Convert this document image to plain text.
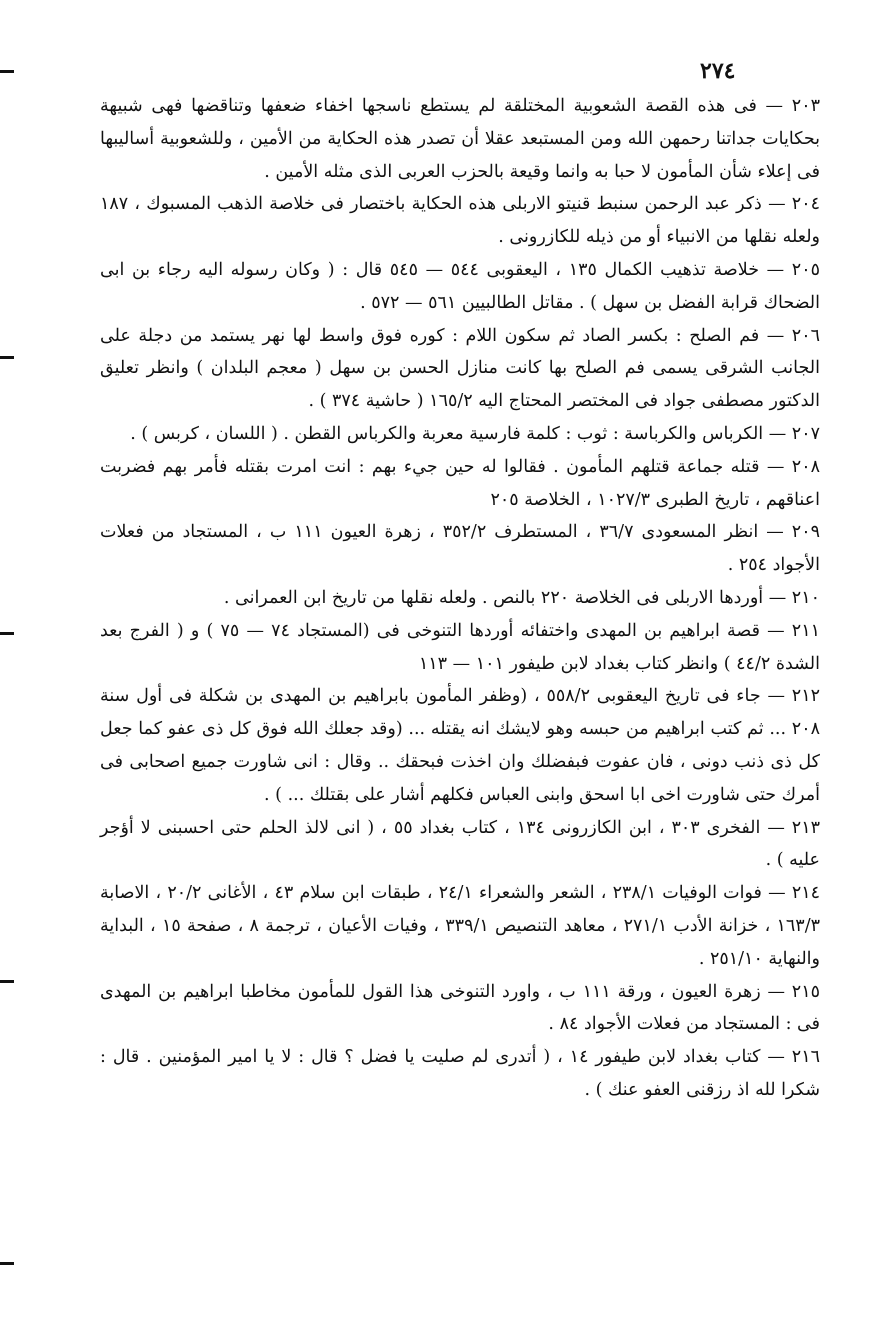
٢٧٤

٢٠٣ — فى هذه القصة الشعوبية المختلقة لم يستطع ناسجها اخفاء ضعفها وتناقضها فهى شبيهة بحكايات جداتنا رحمهن الله ومن المستبعد عقلا أن تصدر هذه الحكاية من الأمين ، وللشعوبية أساليبها فى إعلاء شأن المأمون لا حبا به وانما وقيعة بالحزب العربى الذى مثله الأمين .

٢٠٤ — ذكر عبد الرحمن سنبط قنيتو الاربلى هذه الحكاية باختصار فى خلاصة الذهب المسبوك ، ١٨٧ ولعله نقلها من الانبياء أو من ذيله للكازرونى .

٢٠٥ — خلاصة تذهيب الكمال ١٣٥ ، اليعقوبى ٥٤٤ — ٥٤٥ قال : ( وكان رسوله اليه رجاء بن ابى الضحاك قرابة الفضل بن سهل ) . مقاتل الطالبيين ٥٦١ — ٥٧٢ .

٢٠٦ — فم الصلح : بكسر الصاد ثم سكون اللام : كوره فوق واسط لها نهر يستمد من دجلة على الجانب الشرقى يسمى فم الصلح بها كانت منازل الحسن بن سهل ( معجم البلدان ) وانظر تعليق الدكتور مصطفى جواد فى المختصر المحتاج اليه ١٦٥/٢ ( حاشية ٣٧٤ ) .

٢٠٧ — الكرباس والكرباسة : ثوب : كلمة فارسية معربة والكرباس القطن . ( اللسان ، كربس ) .

٢٠٨ — قتله جماعة قتلهم المأمون . فقالوا له حين جيء بهم : انت امرت بقتله فأمر بهم فضربت اعناقهم ، تاريخ الطبرى ١٠٢٧/٣ ، الخلاصة ٢٠٥

٢٠٩ — انظر المسعودى ٣٦/٧ ، المستطرف ٣٥٢/٢ ، زهرة العيون ١١١ ب ، المستجاد من فعلات الأجواد ٢٥٤ .

٢١٠ — أوردها الاربلى فى الخلاصة ٢٢٠ بالنص . ولعله نقلها من تاريخ ابن العمرانى .

٢١١ — قصة ابراهيم بن المهدى واختفائه أوردها التنوخى فى (المستجاد ٧٤ — ٧٥ ) و ( الفرج بعد الشدة ٤٤/٢ ) وانظر كتاب بغداد لابن طيفور ١٠١ — ١١٣

٢١٢ — جاء فى تاريخ اليعقوبى ٥٥٨/٢ ، (وظفر المأمون بابراهيم بن المهدى بن شكلة فى أول سنة ٢٠٨ ... ثم كتب ابراهيم من حبسه وهو لايشك انه يقتله ... (وقد جعلك الله فوق كل ذى عفو كما جعل كل ذى ذنب دونى ، فان عفوت فبفضلك وان اخذت فبحقك .. وقال : انى شاورت جميع اصحابى فى أمرك حتى شاورت اخى ابا اسحق وابنى العباس فكلهم أشار على بقتلك ... ) .

٢١٣ — الفخرى ٣٠٣ ، ابن الكازرونى ١٣٤ ، كتاب بغداد ٥٥ ، ( انى لالذ الحلم حتى احسبنى لا أؤجر عليه ) .

٢١٤ — فوات الوفيات ٢٣٨/١ ، الشعر والشعراء ٢٤/١ ، طبقات ابن سلام ٤٣ ، الأغانى ٢٠/٢ ، الاصابة ١٦٣/٣ ، خزانة الأدب ٢٧١/١ ، معاهد التنصيص ٣٣٩/١ ، وفيات الأعيان ، ترجمة ٨ ، صفحة ١٥ ، البداية والنهاية ٢٥١/١٠ .

٢١٥ — زهرة العيون ، ورقة ١١١ ب ، واورد التنوخى هذا القول للمأمون مخاطبا ابراهيم بن المهدى فى : المستجاد من فعلات الأجواد ٨٤ .

٢١٦ — كتاب بغداد لابن طيفور ١٤ ، ( أتدرى لم صليت يا فضل ؟ قال : لا يا امير المؤمنين . قال : شكرا لله اذ رزقنى العفو عنك ) .
